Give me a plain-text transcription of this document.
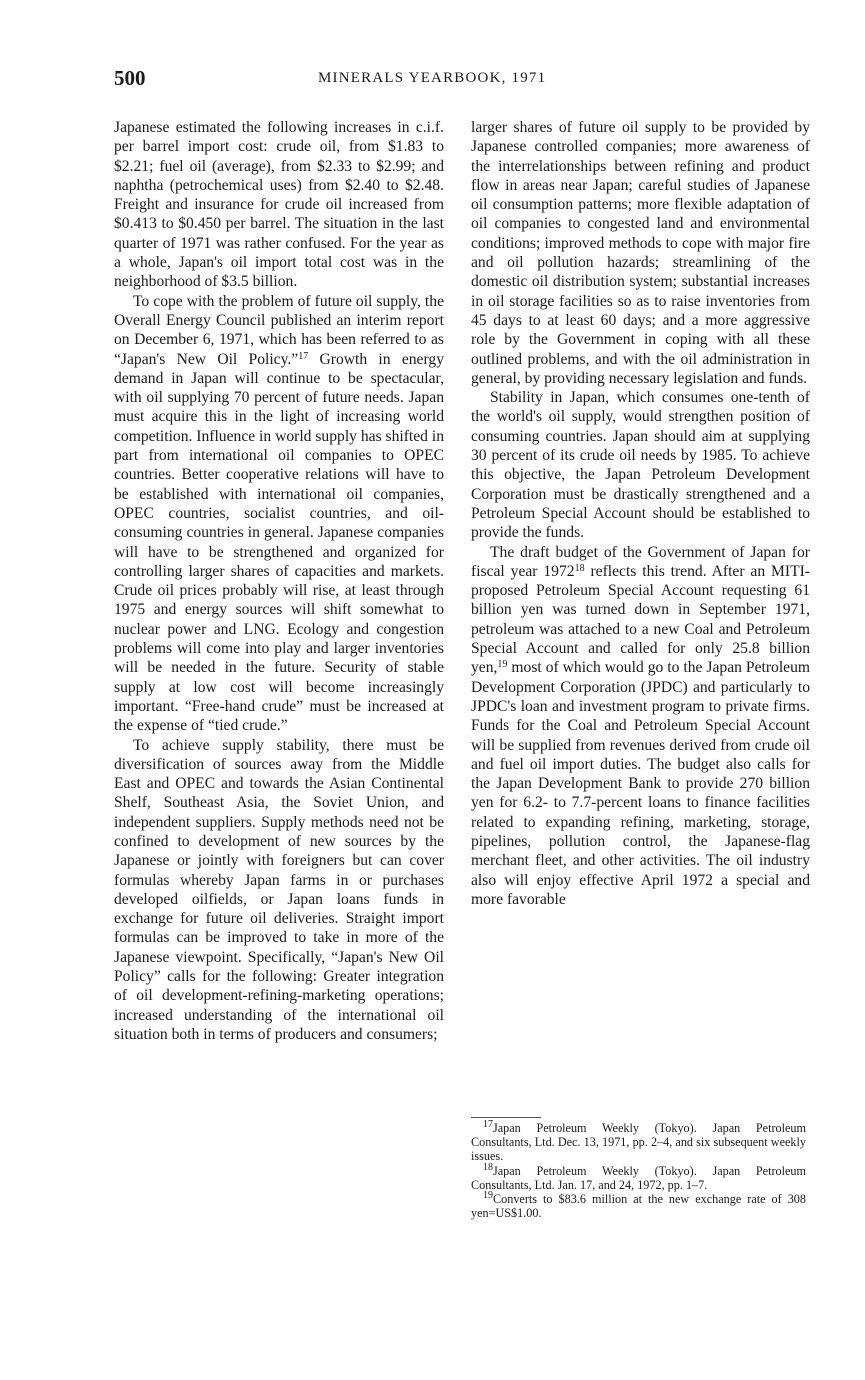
500	MINERALS YEARBOOK, 1971

Japanese estimated the following increases in c.i.f. per barrel import cost: crude oil, from $1.83 to $2.21; fuel oil (average), from $2.33 to $2.99; and naphtha (petrochemical uses) from $2.40 to $2.48. Freight and insurance for crude oil increased from $0.413 to $0.450 per barrel. The situation in the last quarter of 1971 was rather confused. For the year as a whole, Japan's oil import total cost was in the neighborhood of $3.5 billion.

To cope with the problem of future oil supply, the Overall Energy Council published an interim report on December 6, 1971, which has been referred to as “Japan's New Oil Policy.”$^{17}$ Growth in energy demand in Japan will continue to be spectacular, with oil supplying 70 percent of future needs. Japan must acquire this in the light of increasing world competition. Influence in world supply has shifted in part from international oil companies to OPEC countries. Better cooperative relations will have to be established with international oil companies, OPEC countries, socialist countries, and oil-consuming countries in general. Japanese companies will have to be strengthened and organized for controlling larger shares of capacities and markets. Crude oil prices probably will rise, at least through 1975 and energy sources will shift somewhat to nuclear power and LNG. Ecology and congestion problems will come into play and larger inventories will be needed in the future. Security of stable supply at low cost will become increasingly important. “Free-hand crude” must be increased at the expense of “tied crude.”

To achieve supply stability, there must be diversification of sources away from the Middle East and OPEC and towards the Asian Continental Shelf, Southeast Asia, the Soviet Union, and independent suppliers. Supply methods need not be confined to development of new sources by the Japanese or jointly with foreigners but can cover formulas whereby Japan farms in or purchases developed oilfields, or Japan loans funds in exchange for future oil deliveries. Straight import formulas can be improved to take in more of the Japanese viewpoint. Specifically, “Japan's New Oil Policy” calls for the following: Greater integration of oil development-refining-marketing operations; increased understanding of the international oil situation both in terms of producers and consumers;

larger shares of future oil supply to be provided by Japanese controlled companies; more awareness of the interrelationships between refining and product flow in areas near Japan; careful studies of Japanese oil consumption patterns; more flexible adaptation of oil companies to congested land and environmental conditions; improved methods to cope with major fire and oil pollution hazards; streamlining of the domestic oil distribution system; substantial increases in oil storage facilities so as to raise inventories from 45 days to at least 60 days; and a more aggressive role by the Government in coping with all these outlined problems, and with the oil administration in general, by providing necessary legislation and funds.

Stability in Japan, which consumes one-tenth of the world's oil supply, would strengthen position of consuming countries. Japan should aim at supplying 30 percent of its crude oil needs by 1985. To achieve this objective, the Japan Petroleum Development Corporation must be drastically strengthened and a Petroleum Special Account should be established to provide the funds.

The draft budget of the Government of Japan for fiscal year 1972$^{18}$ reflects this trend. After an MITI-proposed Petroleum Special Account requesting 61 billion yen was turned down in September 1971, petroleum was attached to a new Coal and Petroleum Special Account and called for only 25.8 billion yen,$^{19}$ most of which would go to the Japan Petroleum Development Corporation (JPDC) and particularly to JPDC's loan and investment program to private firms. Funds for the Coal and Petroleum Special Account will be supplied from revenues derived from crude oil and fuel oil import duties. The budget also calls for the Japan Development Bank to provide 270 billion yen for 6.2- to 7.7-percent loans to finance facilities related to expanding refining, marketing, storage, pipelines, pollution control, the Japanese-flag merchant fleet, and other activities. The oil industry also will enjoy effective April 1972 a special and more favorable

$^{17}$Japan Petroleum Weekly (Tokyo). Japan Petroleum Consultants, Ltd. Dec. 13, 1971, pp. 2–4, and six subsequent weekly issues.

$^{18}$Japan Petroleum Weekly (Tokyo). Japan Petroleum Consultants, Ltd. Jan. 17, and 24, 1972, pp. 1–7.

$^{19}$Converts to $83.6 million at the new exchange rate of 308 yen=US$1.00.
